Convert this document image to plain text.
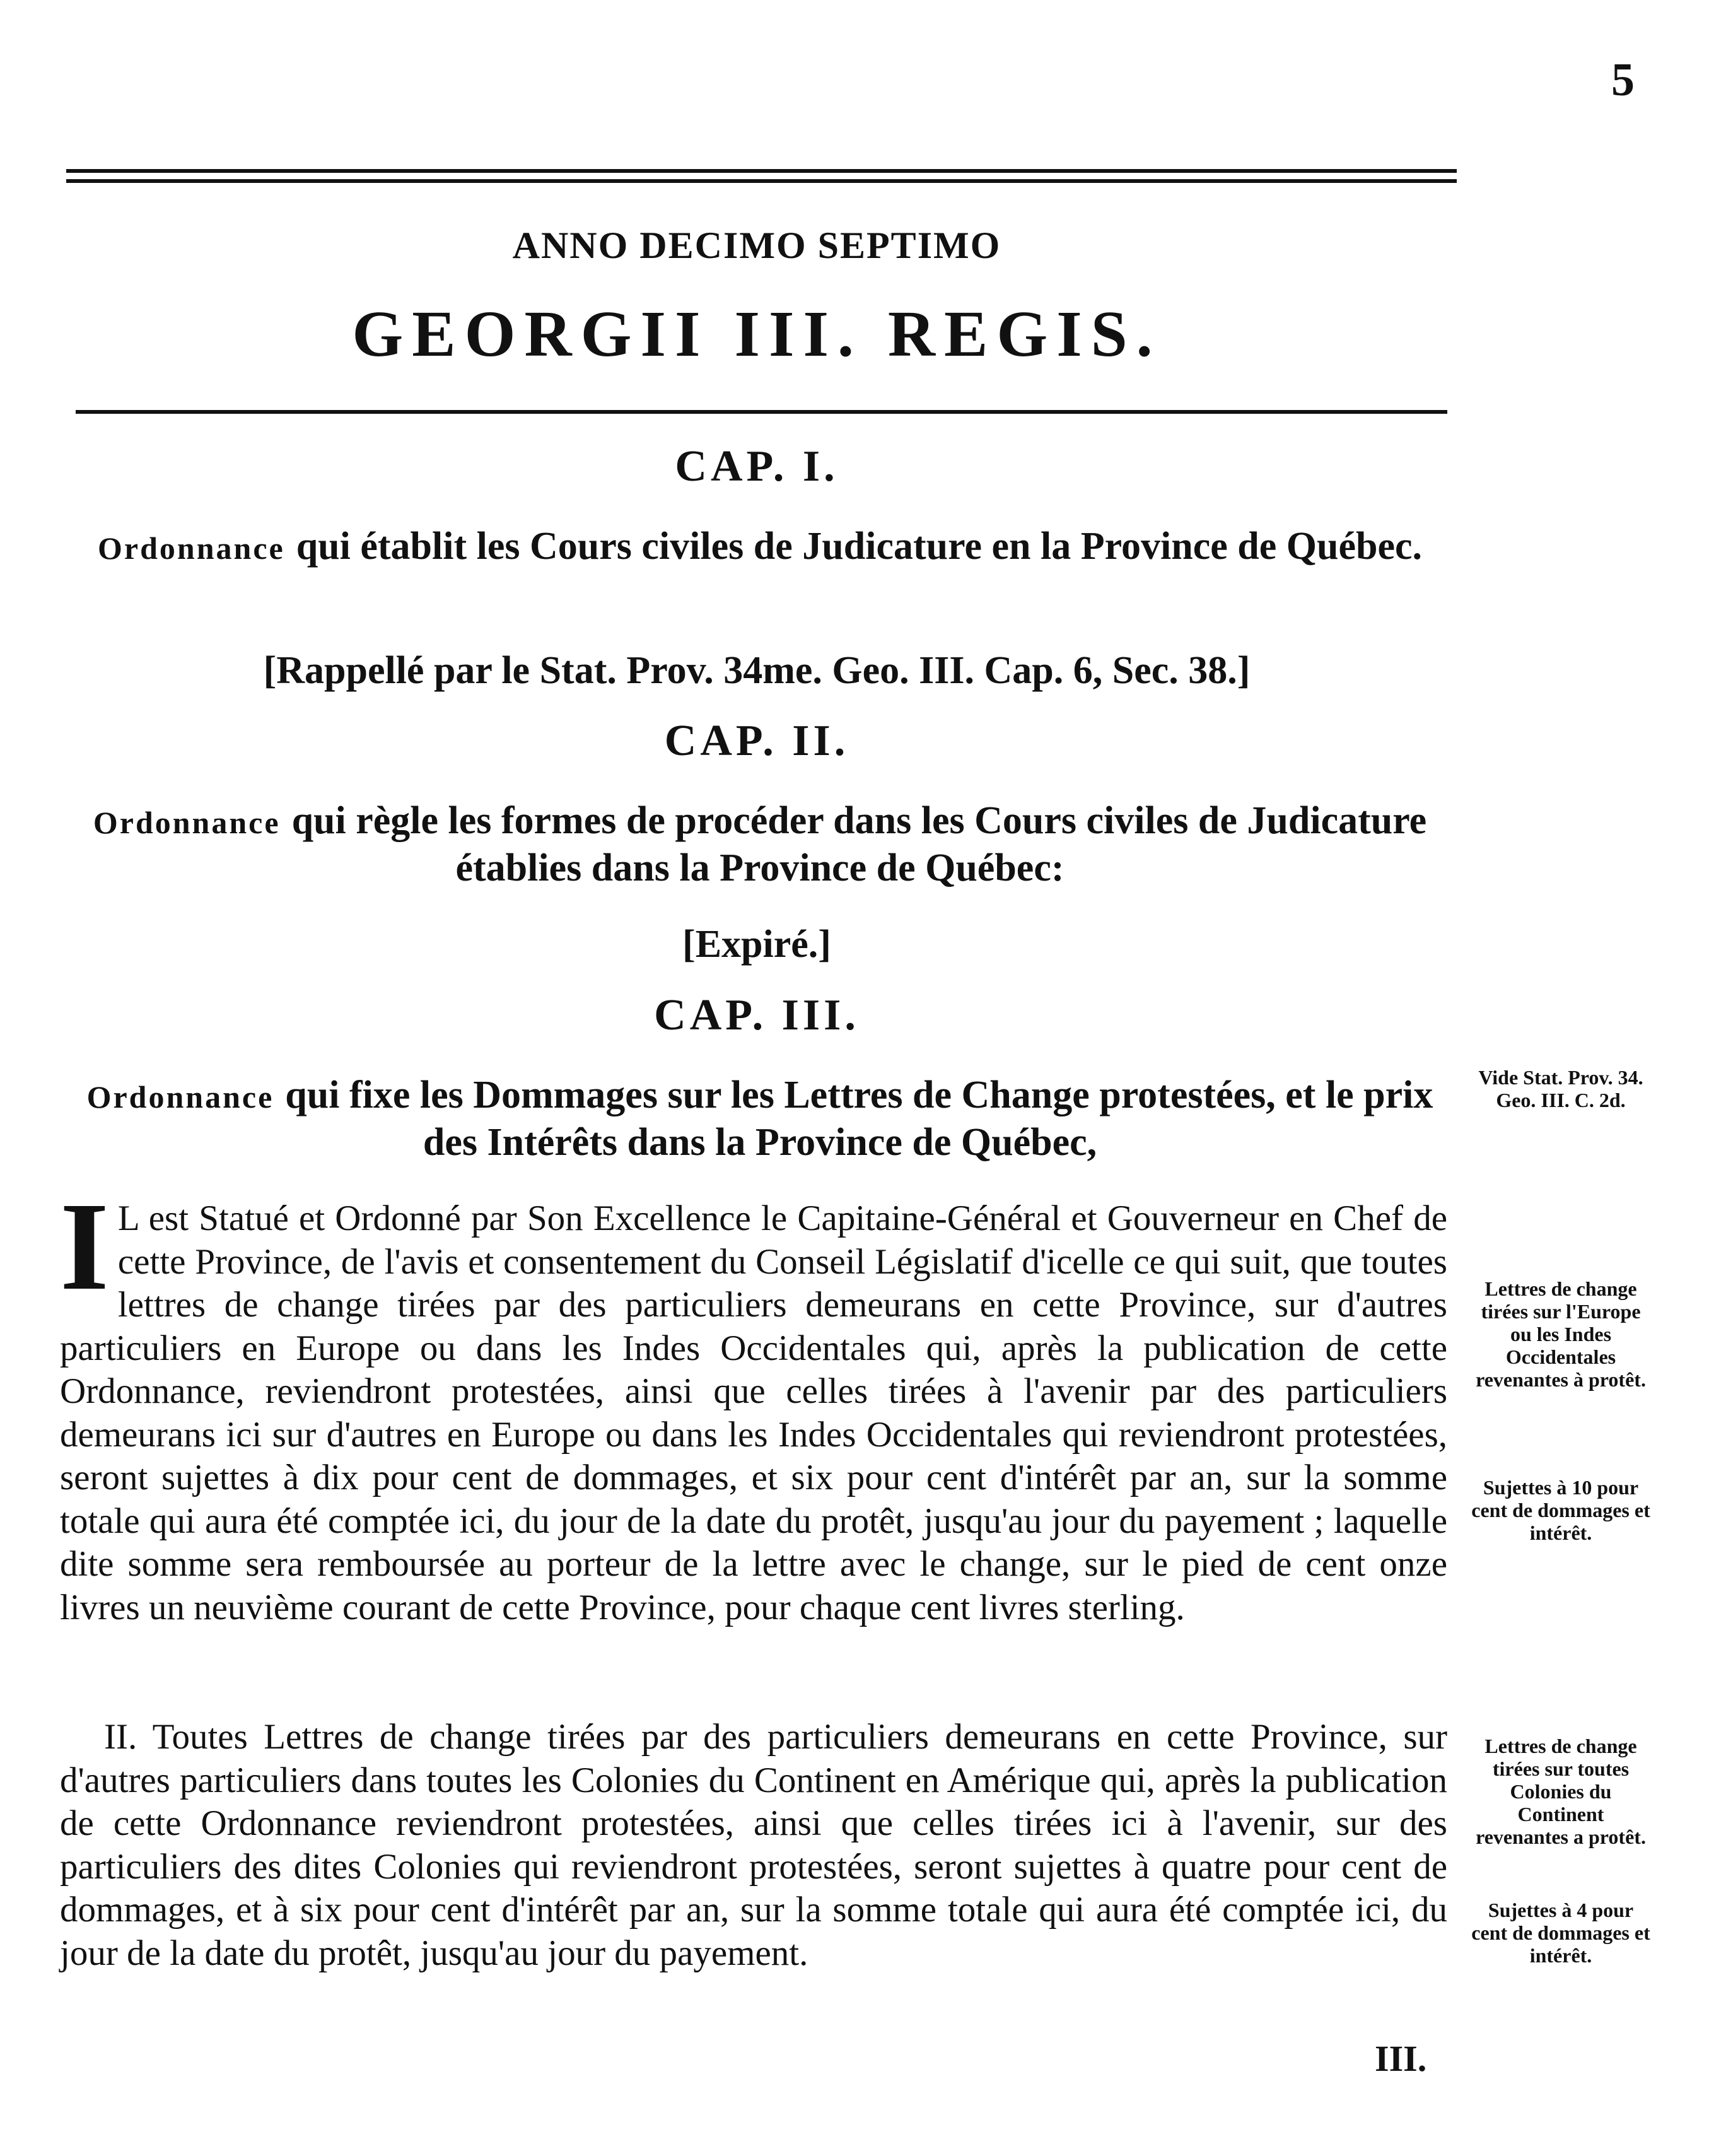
5
ANNO DECIMO SEPTIMO
GEORGII III. REGIS.
CAP. I.
Ordonnance qui établit les Cours civiles de Judicature en la Province de Québec.
[Rappellé par le Stat. Prov. 34me. Geo. III. Cap. 6, Sec. 38.]
CAP. II.
Ordonnance qui règle les formes de procéder dans les Cours civiles de Judicature établies dans la Province de Québec:
[Expiré.]
CAP. III.
Ordonnance qui fixe les Dommages sur les Lettres de Change protestées, et le prix des Intérêts dans la Province de Québec,
I L est Statué et Ordonné par Son Excellence le Capitaine-Général et Gouverneur en Chef de cette Province, de l'avis et consentement du Conseil Législatif d'icelle ce qui suit, que toutes lettres de change tirées par des particuliers demeurans en cette Province, sur d'autres particuliers en Europe ou dans les Indes Occidentales qui, après la publication de cette Ordonnance, reviendront protestées, ainsi que celles tirées à l'avenir par des particuliers demeurans ici sur d'autres en Europe ou dans les Indes Occidentales qui reviendront protestées, seront sujettes à dix pour cent de dommages, et six pour cent d'intérêt par an, sur la somme totale qui aura été comptée ici, du jour de la date du protêt, jusqu'au jour du payement ; laquelle dite somme sera remboursée au porteur de la lettre avec le change, sur le pied de cent onze livres un neuvième courant de cette Province, pour chaque cent livres sterling.
II. Toutes Lettres de change tirées par des particuliers demeurans en cette Province, sur d'autres particuliers dans toutes les Colonies du Continent en Amérique qui, après la publication de cette Ordonnance reviendront protestées, ainsi que celles tirées ici à l'avenir, sur des particuliers des dites Colonies qui reviendront protestées, seront sujettes à quatre pour cent de dommages, et à six pour cent d'intérêt par an, sur la somme totale qui aura été comptée ici, du jour de la date du protêt, jusqu'au jour du payement.
Vide Stat. Prov. 34. Geo. III. C. 2d.
Lettres de change tirées sur l'Europe ou les Indes Occidentales revenantes à protêt.
Sujettes à 10 pour cent de dommages et intérêt.
Lettres de change tirées sur toutes Colonies du Continent revenantes a protêt.
Sujettes à 4 pour cent de dommages et intérêt.
III.
